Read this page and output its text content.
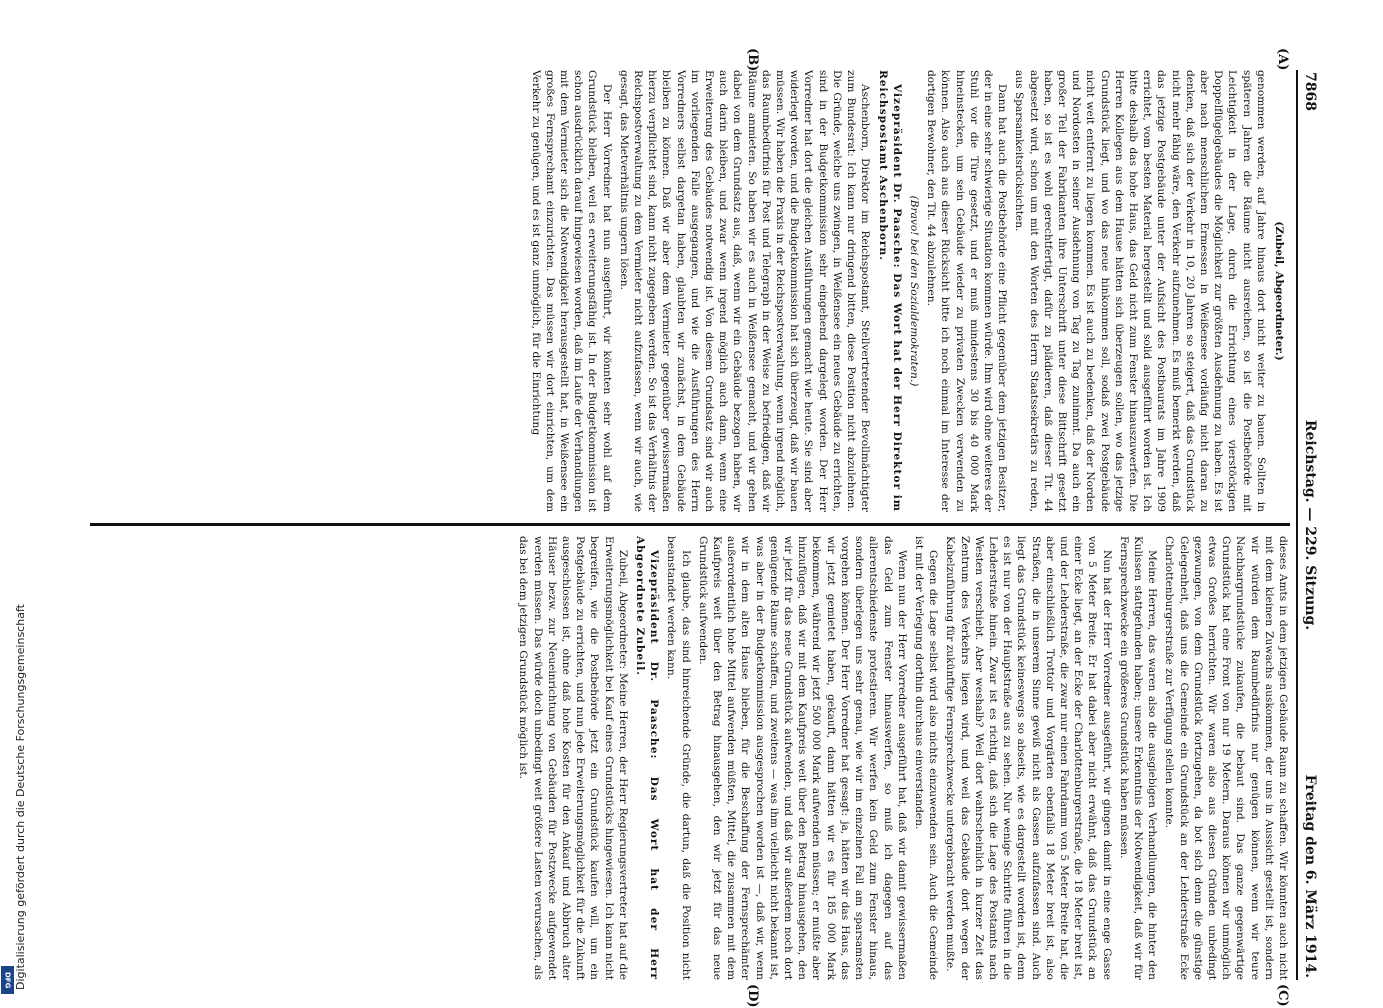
Digitalisierung gefördert durch die Deutsche Forschungsgemeinschaft
DFG
7868
Reichstag. — 229. Sitzung.
Freitag den 6. März 1914.
(A)
(B)
(C)
(D)

(Zubeil, Abgeordneter.)

genommen werden, auf Jahre hinaus dort nicht weiter zu bauen. Sollten in späteren Jahren die Räume nicht ausreichen, so ist die Postbehörde mit Leichtigkeit in der Lage, durch die Errichtung eines vierstöckigen Doppelflügelgebäudes die Möglichkeit zur größten Ausdehnung zu haben. Es ist aber nach menschlichem Ermessen in Weißensee vorläufig nicht daran zu denken, daß sich der Verkehr in 10, 20 Jahren so steigert, daß das Grundstück nicht mehr fähig wäre, den Verkehr aufzunehmen. Es muß bemerkt werden, daß das jetzige Postgebäude unter der Aufsicht des Postbaurats im Jahre 1909 errichtet, vom besten Material hergestellt und solid ausgeführt worden ist. Ich bitte deshalb das hohe Haus, das Geld nicht zum Fenster hinauszuwerfen. Die Herren Kollegen aus dem Hause hätten sich überzeugen sollen, wo das jetzige Grundstück liegt, und wo das neue hinkommen soll, sodaß zwei Postgebäude nicht weit entfernt zu liegen kommen. Es ist auch zu bedenken, daß der Norden und Nordosten in seiner Ausdehnung von Tag zu Tag zunimmt. Da auch ein großer Teil der Fabrikanten ihre Unterschrift unter diese Bittschrift gesetzt haben, so ist es wohl gerechtfertigt, dafür zu plädieren, daß dieser Tit. 44 abgesetzt wird, schon um mit den Worten des Herrn Staatssekretärs zu reden, aus Sparsamkeitsrücksichten.

Dann hat auch die Postbehörde eine Pflicht gegenüber dem jetzigen Besitzer, der in eine sehr schwierige Situation kommen würde. Ihm wird ohne weiteres der Stuhl vor die Türe gesetzt, und er muß mindestens 30 bis 40 000 Mark hineinstecken, um sein Gebäude wieder zu privaten Zwecken verwenden zu können. Also auch aus dieser Rücksicht bitte ich noch einmal im Interesse der dortigen Bewohner, den Tit. 44 abzulehnen.

(Bravo! bei den Sozialdemokraten.)

Vizepräsident Dr. Paasche: Das Wort hat der Herr Direktor im Reichspostamt Aschenborn.

Aschenborn, Direktor im Reichspostamt, Stellvertretender Bevollmächtigter zum Bundesrat: Ich kann nur dringend bitten, diese Position nicht abzulehnen. Die Gründe, welche uns zwingen, in Weißensee ein neues Gebäude zu errichten, sind in der Budgetkommission sehr eingehend dargelegt worden. Der Herr Vorredner hat dort die gleichen Ausführungen gemacht wie heute. Sie sind aber widerlegt worden, und die Budgetkommission hat sich überzeugt, daß wir bauen müssen. Wir haben die Praxis in der Reichspostverwaltung, wenn irgend möglich, das Raumbedürfnis für Post und Telegraph in der Weise zu befriedigen, daß wir Räume anmieten. So haben wir es auch in Weißensee gemacht, und wir gehen dabei von dem Grundsatz aus, daß, wenn wir ein Gebäude bezogen haben, wir auch darin bleiben, und zwar wenn irgend möglich auch dann, wenn eine Erweiterung des Gebäudes notwendig ist. Von diesem Grundsatz sind wir auch im vorliegenden Falle ausgegangen, und wie die Ausführungen des Herrn Vorredners selbst dargetan haben, glaubten wir zunächst, in dem Gebäude bleiben zu können. Daß wir aber dem Vermieter gegenüber gewissermaßen hierzu verpflichtet sind, kann nicht zugegeben werden. So ist das Verhältnis der Reichspostverwaltung zu dem Vermieter nicht aufzufassen, wenn wir auch, wie gesagt, das Mietverhältnis ungern lösen.

Der Herr Vorredner hat nun ausgeführt, wir könnten sehr wohl auf dem Grundstück bleiben, weil es erweiterungsfähig ist. In der Budgetkommission ist schon ausdrücklich darauf hingewiesen worden, daß im Laufe der Verhandlungen mit dem Vermieter sich die Notwendigkeit herausgestellt hat, in Weißensee ein großes Fernsprechamt einzurichten. Das müssen wir dort einrichten, um dem Verkehr zu genügen, und es ist ganz unmöglich, für die Einrichtung

dieses Amts in dem jetzigen Gebäude Raum zu schaffen. Wir könnten auch nicht mit dem kleinen Zuwachs auskommen, der uns in Aussicht gestellt ist, sondern wir würden dem Raumbedürfnis nur genügen können, wenn wir teure Nachbargrundstücke zukaufen, die bebaut sind. Das ganze gegenwärtige Grundstück hat eine Front von nur 19 Metern. Daraus können wir unmöglich etwas Großes herrichten. Wir waren also aus diesen Gründen unbedingt gezwungen, von dem Grundstück fortzugehen, da bot sich denn die günstige Gelegenheit, daß uns die Gemeinde ein Grundstück an der Lehderstraße Ecke Charlottenburgerstraße zur Verfügung stellen konnte.

Meine Herren, das waren also die ausgiebigen Verhandlungen, die hinter den Kulissen stattgefunden haben; unsere Erkenntnis der Notwendigkeit, daß wir für Fernsprechzwecke ein größeres Grundstück haben müssen.

Nun hat der Herr Vorredner ausgeführt, wir gingen damit in eine enge Gasse von 5 Meter Breite. Er hat dabei aber nicht erwähnt, daß das Grundstück an einer Ecke liegt, an der Ecke der Charlottenburgerstraße, die 18 Meter breit ist, und der Lehderstraße, die zwar nur einen Fahrdamm von 5 Meter Breite hat, die aber einschließlich Trottoir und Vorgärten ebenfalls 18 Meter breit ist, also Straßen, die in unserem Sinne gewiß nicht als Gassen aufzufassen sind. Auch liegt das Grundstück keineswegs so abseits, wie es dargestellt worden ist, denn es ist nur von der Hauptstraße aus zu sehen. Nur wenige Schritte führen in die Lehderstraße hinein. Zwar ist es richtig, daß sich die Lage des Postamts nach Westen verschiebt. Aber weshalb? Weil dort wahrscheinlich in kurzer Zeit das Zentrum des Verkehrs liegen wird, und weil das Gebäude dort wegen der Kabelzuführung für zukünftige Fernsprechzwecke untergebracht werden mußte.

Gegen die Lage selbst wird also nichts einzuwenden sein. Auch die Gemeinde ist mit der Verlegung dorthin durchaus einverstanden.

Wenn nun der Herr Vorredner ausgeführt hat, daß wir damit gewissermaßen das Geld zum Fenster hinauswerfen, so muß ich dagegen auf das allerentschiedenste protestieren. Wir werfen kein Geld zum Fenster hinaus, sondern überlegen uns sehr genau, wie wir im einzelnen Fall am sparsamsten vorgehen können. Der Herr Vorredner hat gesagt: ja, hätten wir das Haus, das wir jetzt gemietet haben, gekauft, dann hätten wir es für 185 000 Mark bekommen, während wir jetzt 500 000 Mark aufwenden müssen; er mußte aber hinzufügen, daß wir mit dem Kaufpreis weit über den Betrag hinausgehen, den wir jetzt für das neue Grundstück aufwenden, und daß wir außerdem noch dort genügende Räume schaffen, und zweitens — was ihm vielleicht nicht bekannt ist, was aber in der Budgetkommission ausgesprochen worden ist —, daß wir, wenn wir in dem alten Hause blieben, für die Beschaffung der Fernsprechämter außerordentlich hohe Mittel aufwenden müßten, Mittel, die zusammen mit dem Kaufpreis weit über den Betrag hinausgehen, den wir jetzt für das neue Grundstück aufwenden.

Ich glaube, das sind hinreichende Gründe, die dartun, daß die Position nicht beanstandet werden kann.

Vizepräsident Dr. Paasche: Das Wort hat der Herr Abgeordnete Zubeil.

Zubeil, Abgeordneter: Meine Herren, der Herr Regierungsvertreter hat auf die Erweiterungsmöglichkeit bei Kauf eines Grundstücks hingewiesen. Ich kann nicht begreifen, wie die Postbehörde jetzt ein Grundstück kaufen will, um ein Postgebäude zu errichten, und nun jede Erweiterungsmöglichkeit für die Zukunft ausgeschlossen ist, ohne daß hohe Kosten für den Ankauf und Abbruch alter Häuser bezw. zur Neueinrichtung von Gebäuden für Postzwecke aufgewendet werden müssen. Das würde doch unbedingt weit größere Lasten verursachen, als das bei dem jetzigen Grundstück möglich ist.
